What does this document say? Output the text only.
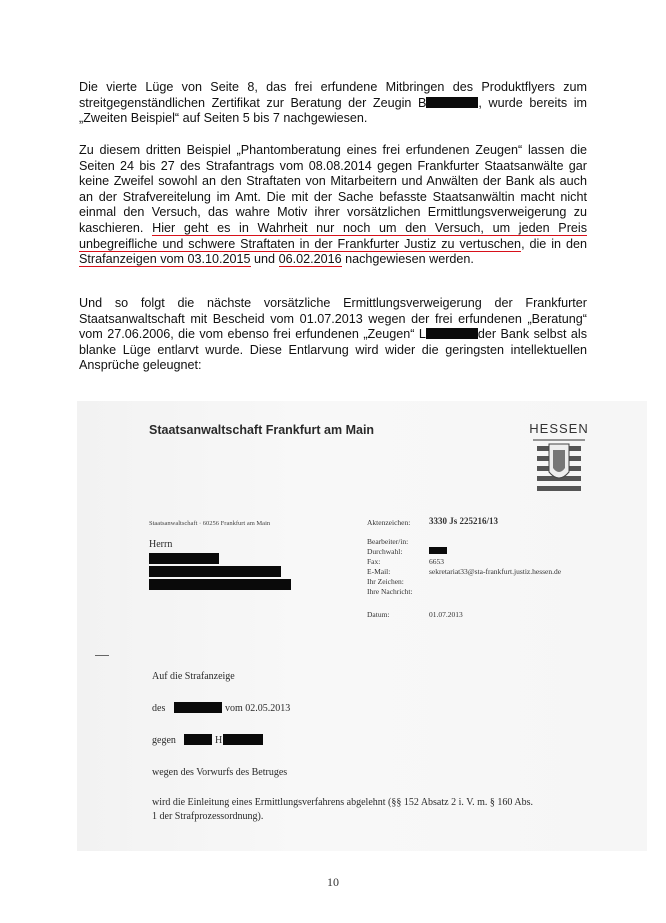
Die vierte Lüge von Seite 8, das frei erfundene Mitbringen des Produktflyers zum streitgegenständlichen Zertifikat zur Beratung der Zeugin B	, wurde bereits im „Zweiten Beispiel“ auf Seiten 5 bis 7 nachgewiesen.
Zu diesem dritten Beispiel „Phantomberatung eines frei erfundenen Zeugen“ lassen die Seiten 24 bis 27 des Strafantrags vom 08.08.2014 gegen Frankfurter Staatsanwälte gar keine Zweifel sowohl an den Straftaten von Mitarbeitern und Anwälten der Bank als auch an der Strafvereitelung im Amt. Die mit der Sache befasste Staatsanwältin macht nicht einmal den Versuch, das wahre Motiv ihrer vorsätzlichen Ermittlungsverweigerung zu kaschieren. Hier geht es in Wahrheit nur noch um den Versuch, um jeden Preis unbegreifliche und schwere Straftaten in der Frankfurter Justiz zu vertuschen, die in den Strafanzeigen vom 03.10.2015 und 06.02.2016 nachgewiesen werden.
Und so folgt die nächste vorsätzliche Ermittlungsverweigerung der Frankfurter Staatsanwaltschaft mit Bescheid vom 01.07.2013 wegen der frei erfundenen „Beratung“ vom 27.06.2006, die vom ebenso frei erfundenen „Zeugen“ L	der Bank selbst als blanke Lüge entlarvt wurde. Diese Entlarvung wird wider die geringsten intellektuellen Ansprüche geleugnet:
Staatsanwaltschaft Frankfurt am Main	HESSEN
Staatsanwaltschaft · 60256 Frankfurt am Main
Herrn
Aktenzeichen: 3330 Js 225216/13
Bearbeiter/in:
Durchwahl:
Fax:	6653
E-Mail:	sekretariat33@sta-frankfurt.justiz.hessen.de
Ihr Zeichen:
Ihre Nachricht:
Datum:	01.07.2013
Auf die Strafanzeige
des	vom 02.05.2013
gegen	H
wegen des Vorwurfs des Betruges
wird die Einleitung eines Ermittlungsverfahrens abgelehnt (§§ 152 Absatz 2 i. V. m. § 160 Abs.
1 der Strafprozessordnung).
10
